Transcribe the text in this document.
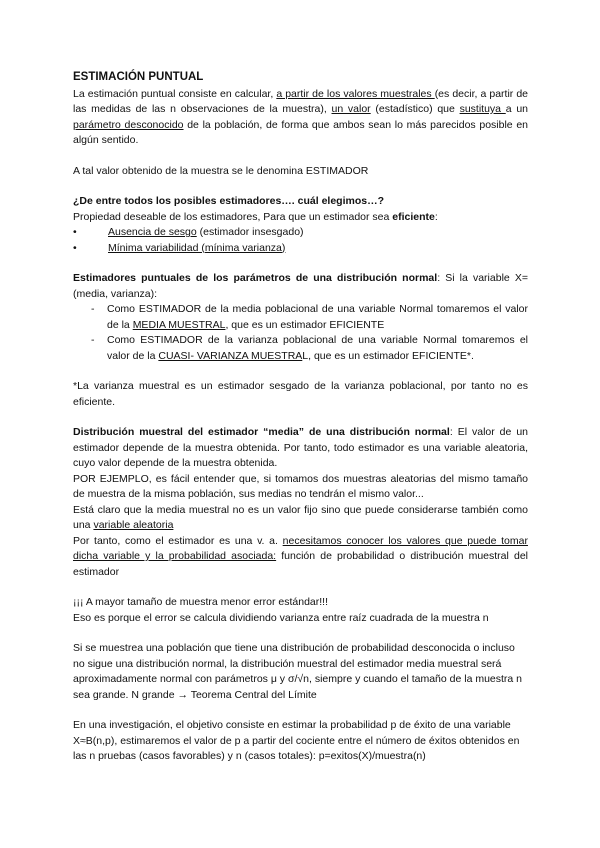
ESTIMACIÓN PUNTUAL

La estimación puntual consiste en calcular, a partir de los valores muestrales (es decir, a partir de las medidas de las n observaciones de la muestra), un valor (estadístico) que sustituya a un parámetro desconocido de la población, de forma que ambos sean lo más parecidos posible en algún sentido.

A tal valor obtenido de la muestra se le denomina ESTIMADOR

¿De entre todos los posibles estimadores…. cuál elegimos…?

Propiedad deseable de los estimadores, Para que un estimador sea eficiente:

• Ausencia de sesgo (estimador insesgado)
• Mínima variabilidad (mínima varianza)

Estimadores puntuales de los parámetros de una distribución normal: Si la variable X=(media, varianza):

- Como ESTIMADOR de la media poblacional de una variable Normal tomaremos el valor de la MEDIA MUESTRAL, que es un estimador EFICIENTE
- Como ESTIMADOR de la varianza poblacional de una variable Normal tomaremos el valor de la CUASI- VARIANZA MUESTRAL, que es un estimador EFICIENTE*.

*La varianza muestral es un estimador sesgado de la varianza poblacional, por tanto no es eficiente.

Distribución muestral del estimador “media” de una distribución normal: El valor de un estimador depende de la muestra obtenida. Por tanto, todo estimador es una variable aleatoria, cuyo valor depende de la muestra obtenida.

POR EJEMPLO, es fácil entender que, si tomamos dos muestras aleatorias del mismo tamaño de muestra de la misma población, sus medias no tendrán el mismo valor...

Está claro que la media muestral no es un valor fijo sino que puede considerarse también como una variable aleatoria

Por tanto, como el estimador es una v. a. necesitamos conocer los valores que puede tomar dicha variable y la probabilidad asociada: función de probabilidad o distribución muestral del estimador

¡¡¡ A mayor tamaño de muestra menor error estándar!!!

Eso es porque el error se calcula dividiendo varianza entre raíz cuadrada de la muestra n

Si se muestrea una población que tiene una distribución de probabilidad desconocida o incluso no sigue una distribución normal, la distribución muestral del estimador media muestral será aproximadamente normal con parámetros μ y σ/√n, siempre y cuando el tamaño de la muestra n sea grande. N grande → Teorema Central del Límite

En una investigación, el objetivo consiste en estimar la probabilidad p de éxito de una variable X≈B(n,p), estimaremos el valor de p a partir del cociente entre el número de éxitos obtenidos en las n pruebas (casos favorables) y n (casos totales): p=exitos(X)/muestra(n)
